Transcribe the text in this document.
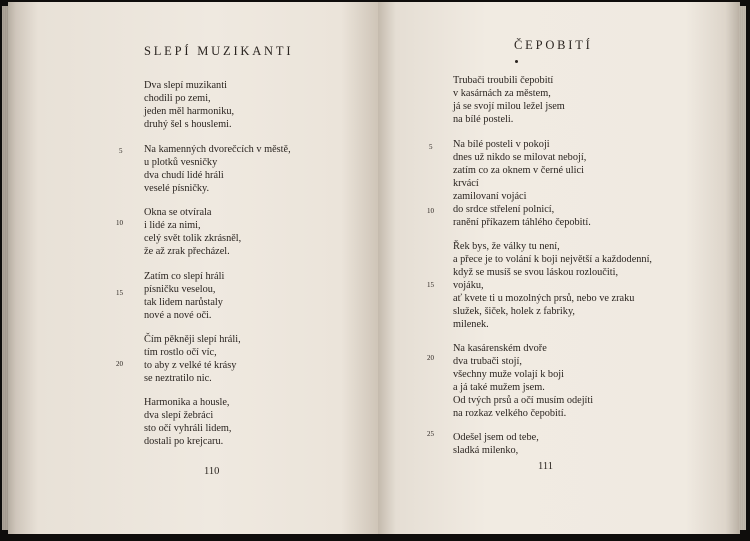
SLEPÍ MUZIKANTI
Dva slepí muzikanti
chodili po zemi,
jeden měl harmoniku,
druhý šel s houslemi.
5 Na kamenných dvorečcích v městě,
u plotků vesničky
dva chudí lidé hráli
veselé písničky.
Okna se otvírala
10 i lidé za nimi,
celý svět tolik zkrásněl,
že až zrak přecházel.
Zatím co slepí hráli
písničku veselou,
15
tak lidem narůstaly
nové a nové oči.
Čím pěkněji slepí hráli,
tím rostlo očí víc,
to aby z velké té krásy
20
se neztratilo nic.
Harmonika a housle,
dva slepí žebráci
sto očí vyhráli lidem,
dostali po krejcaru.
110
ČEPOBITÍ
Trubači troubili čepobití
v kasárnách za městem,
já se svojí milou ležel jsem
na bílé posteli.
5 Na bílé posteli v pokoji
dnes už nikdo se milovat nebojí,
zatím co za oknem v černé ulici
krvácí
zamilovaní vojáci
10 do srdce střelení polnicí,
ranění příkazem táhlého čepobití.
Řek bys, že války tu není,
a přece je to volání k boji největší a každodenní,
když se musíš se svou láskou rozloučiti,
15 vojáku,
ať kvete ti u mozolných prsů, nebo ve zraku
služek, šiček, holek z fabriky,
milenek.
Na kasárenském dvoře
20 dva trubači stojí,
všechny muže volají k boji
a já také mužem jsem.
Od tvých prsů a očí musím odejíti
na rozkaz velkého čepobití.
25 Odešel jsem od tebe,
sladká milenko,
111
